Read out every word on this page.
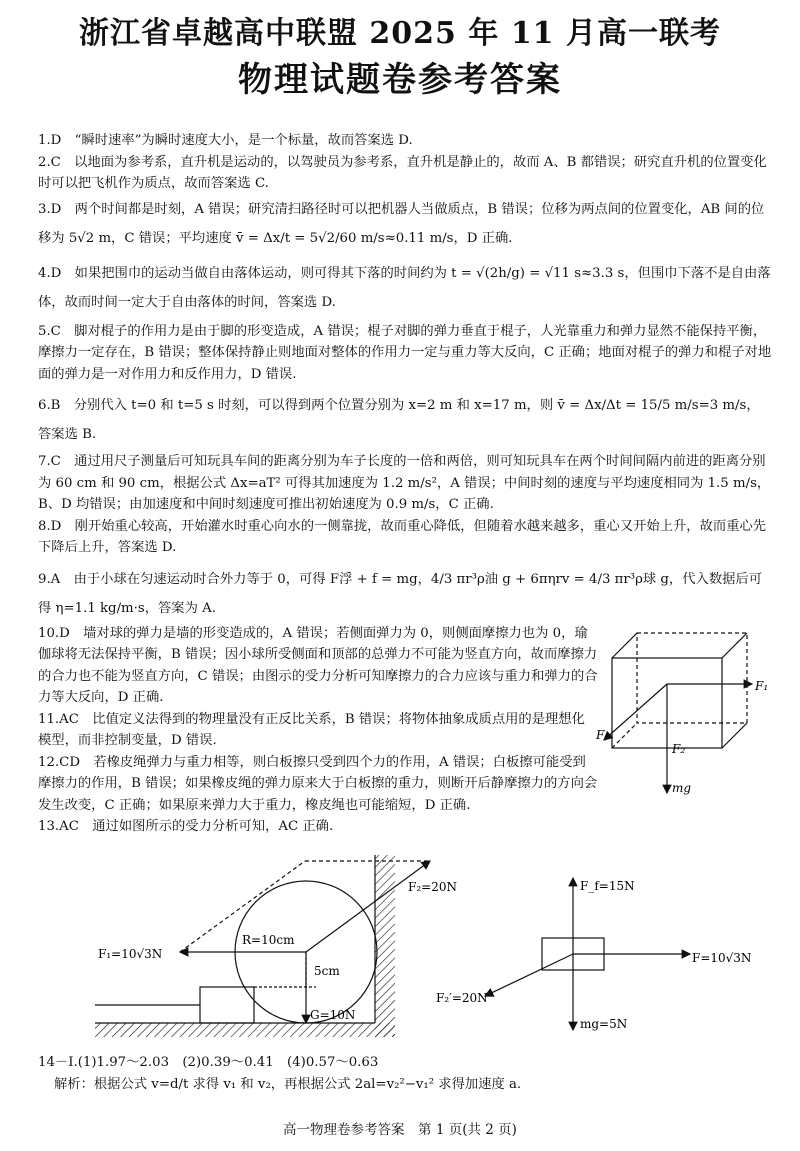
浙江省卓越高中联盟 2025 年 11 月高一联考
物理试题卷参考答案

1.D　“瞬时速率”为瞬时速度大小，是一个标量，故而答案选 D.

2.C　以地面为参考系，直升机是运动的，以驾驶员为参考系，直升机是静止的，故而 A、B 都错误；研究直升机的位置变化时可以把飞机作为质点，故而答案选 C.

3.D　两个时间都是时刻，A 错误；研究清扫路径时可以把机器人当做质点，B 错误；位移为两点间的位置变化，AB 间的位移为 5√2 m，C 错误；平均速度 v̄ = Δx/t = 5√2/60 m/s≈0.11 m/s，D 正确.

4.D　如果把围巾的运动当做自由落体运动，则可得其下落的时间约为 t = √(2h/g) = √11 s≈3.3 s，但围巾下落不是自由落体，故而时间一定大于自由落体的时间，答案选 D.

5.C　脚对棍子的作用力是由于脚的形变造成，A 错误；棍子对脚的弹力垂直于棍子，人光靠重力和弹力显然不能保持平衡，摩擦力一定存在，B 错误；整体保持静止则地面对整体的作用力一定与重力等大反向，C 正确；地面对棍子的弹力和棍子对地面的弹力是一对作用力和反作用力，D 错误.

6.B　分别代入 t=0 和 t=5 s 时刻，可以得到两个位置分别为 x=2 m 和 x=17 m，则 v̄ = Δx/Δt = 15/5 m/s=3 m/s，答案选 B.

7.C　通过用尺子测量后可知玩具车间的距离分别为车子长度的一倍和两倍，则可知玩具车在两个时间间隔内前进的距离分别为 60 cm 和 90 cm，根据公式 Δx=aT² 可得其加速度为 1.2 m/s²，A 错误；中间时刻的速度与平均速度相同为 1.5 m/s，B、D 均错误；由加速度和中间时刻速度可推出初始速度为 0.9 m/s，C 正确.

8.D　刚开始重心较高，开始灌水时重心向水的一侧靠拢，故而重心降低，但随着水越来越多，重心又开始上升，故而重心先下降后上升，答案选 D.

9.A　由于小球在匀速运动时合外力等于 0，可得 F浮 + f = mg，4/3 πr³ρ油 g + 6πηrv = 4/3 πr³ρ球 g，代入数据后可得 η=1.1 kg/m·s，答案为 A.

10.D　墙对球的弹力是墙的形变造成的，A 错误；若侧面弹力为 0，则侧面摩擦力也为 0，瑜伽球将无法保持平衡，B 错误；因小球所受侧面和顶部的总弹力不可能为竖直方向，故而摩擦力的合力也不能为竖直方向，C 错误；由图示的受力分析可知摩擦力的合力应该与重力和弹力的合力等大反向，D 正确.

11.AC　比值定义法得到的物理量没有正反比关系，B 错误；将物体抽象成质点用的是理想化模型，而非控制变量，D 错误.

12.CD　若橡皮绳弹力与重力相等，则白板擦只受到四个力的作用，A 错误；白板擦可能受到摩擦力的作用，B 错误；如果橡皮绳的弹力原来大于白板擦的重力，则断开后静摩擦力的方向会发生改变，C 正确；如果原来弹力大于重力，橡皮绳也可能缩短，D 正确.

13.AC　通过如图所示的受力分析可知，AC 正确.

F₁
F₁
F₂
mg
F₂=20N
F₁=10√3N
R=10cm
5cm
G=10N
F_f=15N
F=10√3N
F₂′=20N
mg=5N
14－Ⅰ.(1)1.97～2.03　(2)0.39～0.41　(4)0.57～0.63
解析：根据公式 v=d/t 求得 v₁ 和 v₂，再根据公式 2al=v₂²−v₁² 求得加速度 a.
高一物理卷参考答案　第 1 页(共 2 页)
